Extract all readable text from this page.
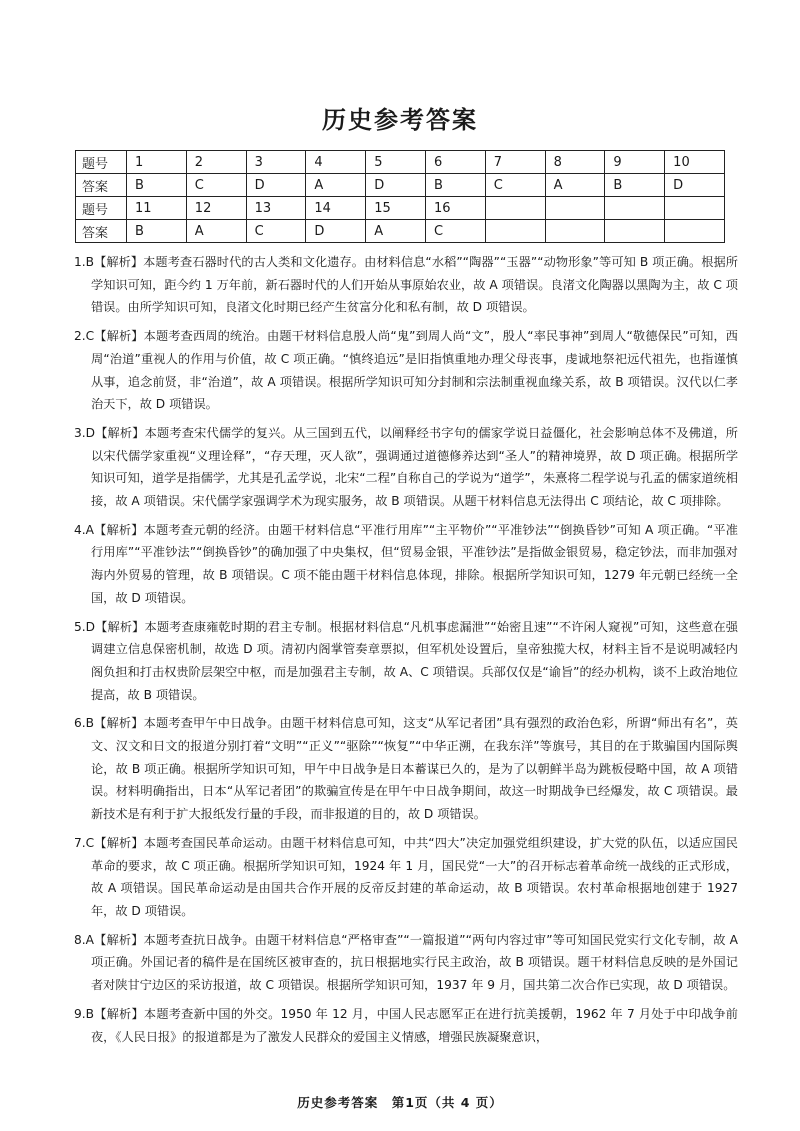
历史参考答案
题号	1	2	3	4	5	6	7	8	9	10
答案	B	C	D	A	D	B	C	A	B	D
题号	11	12	13	14	15	16				
答案	B	A	C	D	A	C				

1.B【解析】本题考查石器时代的古人类和文化遗存。由材料信息“水稻”“陶器”“玉器”“动物形象”等可知 B 项正确。根据所学知识可知，距今约 1 万年前，新石器时代的人们开始从事原始农业，故 A 项错误。良渚文化陶器以黑陶为主，故 C 项错误。由所学知识可知，良渚文化时期已经产生贫富分化和私有制，故 D 项错误。

2.C【解析】本题考查西周的统治。由题干材料信息殷人尚“鬼”到周人尚“文”，殷人“率民事神”到周人“敬德保民”可知，西周“治道”重视人的作用与价值，故 C 项正确。“慎终追远”是旧指慎重地办理父母丧事，虔诚地祭祀远代祖先，也指谨慎从事，追念前贤，非“治道”，故 A 项错误。根据所学知识可知分封制和宗法制重视血缘关系，故 B 项错误。汉代以仁孝治天下，故 D 项错误。

3.D【解析】本题考查宋代儒学的复兴。从三国到五代，以阐释经书字句的儒家学说日益僵化，社会影响总体不及佛道，所以宋代儒学家重视“义理诠释”，“存天理，灭人欲”，强调通过道德修养达到“圣人”的精神境界，故 D 项正确。根据所学知识可知，道学是指儒学，尤其是孔孟学说，北宋“二程”自称自己的学说为“道学”，朱熹将二程学说与孔孟的儒家道统相接，故 A 项错误。宋代儒学家强调学术为现实服务，故 B 项错误。从题干材料信息无法得出 C 项结论，故 C 项排除。

4.A【解析】本题考查元朝的经济。由题干材料信息“平准行用库”“主平物价”“平准钞法”“倒换昏钞”可知 A 项正确。“平准行用库”“平准钞法”“倒换昏钞”的确加强了中央集权，但“贸易金银，平准钞法”是指做金银贸易，稳定钞法，而非加强对海内外贸易的管理，故 B 项错误。C 项不能由题干材料信息体现，排除。根据所学知识可知，1279 年元朝已经统一全国，故 D 项错误。

5.D【解析】本题考查康雍乾时期的君主专制。根据材料信息“凡机事虑漏泄”“始密且速”“不许闲人窥视”可知，这些意在强调建立信息保密机制，故选 D 项。清初内阁掌管奏章票拟，但军机处设置后，皇帝独揽大权，材料主旨不是说明减轻内阁负担和打击权贵阶层架空中枢，而是加强君主专制，故 A、C 项错误。兵部仅仅是“谕旨”的经办机构，谈不上政治地位提高，故 B 项错误。

6.B【解析】本题考查甲午中日战争。由题干材料信息可知，这支“从军记者团”具有强烈的政治色彩，所谓“师出有名”，英文、汉文和日文的报道分别打着“文明”“正义”“驱除”“恢复”“中华正溯，在我东洋”等旗号，其目的在于欺骗国内国际舆论，故 B 项正确。根据所学知识可知，甲午中日战争是日本蓄谋已久的，是为了以朝鲜半岛为跳板侵略中国，故 A 项错误。材料明确指出，日本“从军记者团”的欺骗宣传是在甲午中日战争期间，故这一时期战争已经爆发，故 C 项错误。最新技术是有利于扩大报纸发行量的手段，而非报道的目的，故 D 项错误。

7.C【解析】本题考查国民革命运动。由题干材料信息可知，中共“四大”决定加强党组织建设，扩大党的队伍，以适应国民革命的要求，故 C 项正确。根据所学知识可知，1924 年 1 月，国民党“一大”的召开标志着革命统一战线的正式形成，故 A 项错误。国民革命运动是由国共合作开展的反帝反封建的革命运动，故 B 项错误。农村革命根据地创建于 1927 年，故 D 项错误。

8.A【解析】本题考查抗日战争。由题干材料信息“严格审查”“一篇报道”“两句内容过审”等可知国民党实行文化专制，故 A 项正确。外国记者的稿件是在国统区被审查的，抗日根据地实行民主政治，故 B 项错误。题干材料信息反映的是外国记者对陕甘宁边区的采访报道，故 C 项错误。根据所学知识可知，1937 年 9 月，国共第二次合作已实现，故 D 项错误。

9.B【解析】本题考查新中国的外交。1950 年 12 月，中国人民志愿军正在进行抗美援朝，1962 年 7 月处于中印战争前夜，《人民日报》的报道都是为了激发人民群众的爱国主义情感，增强民族凝聚意识，

历史参考答案　第1页（共 4 页）
